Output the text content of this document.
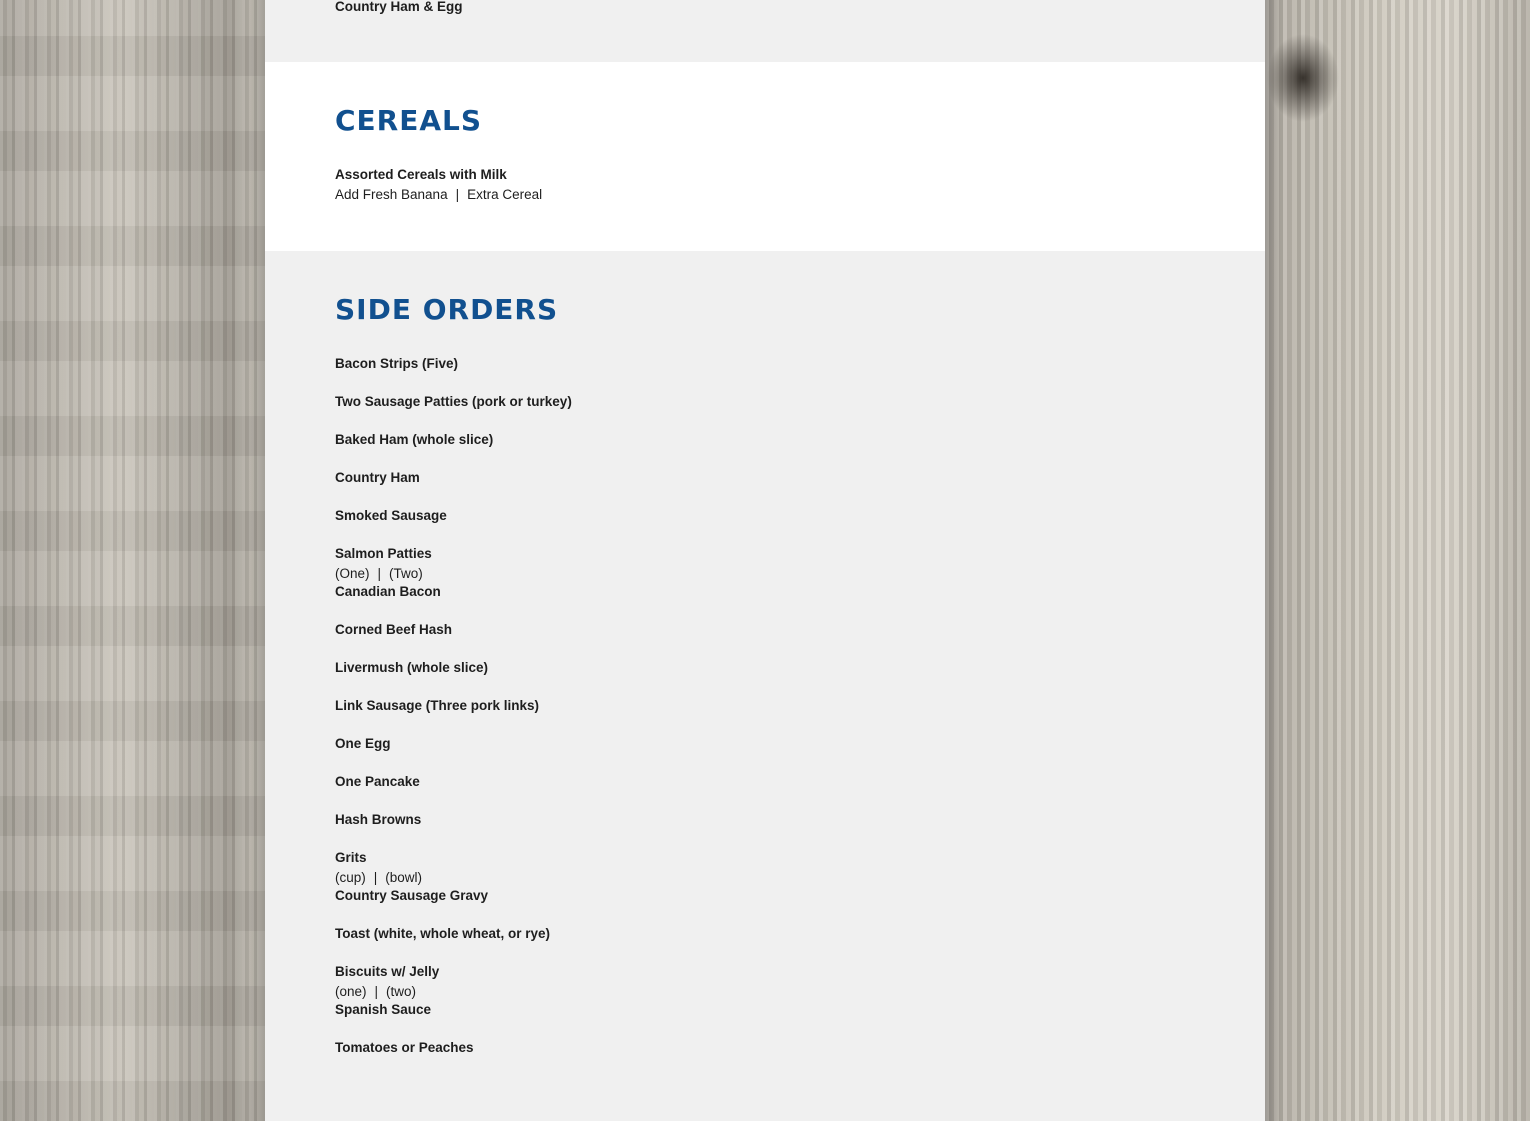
Country Ham & Egg
CEREALS
Assorted Cereals with Milk
Add Fresh Banana | Extra Cereal
SIDE ORDERS
Bacon Strips (Five)
Two Sausage Patties (pork or turkey)
Baked Ham (whole slice)
Country Ham
Smoked Sausage
Salmon Patties
(One) | (Two)
Canadian Bacon
Corned Beef Hash
Livermush (whole slice)
Link Sausage (Three pork links)
One Egg
One Pancake
Hash Browns
Grits
(cup) | (bowl)
Country Sausage Gravy
Toast (white, whole wheat, or rye)
Biscuits w/ Jelly
(one) | (two)
Spanish Sauce
Tomatoes or Peaches
